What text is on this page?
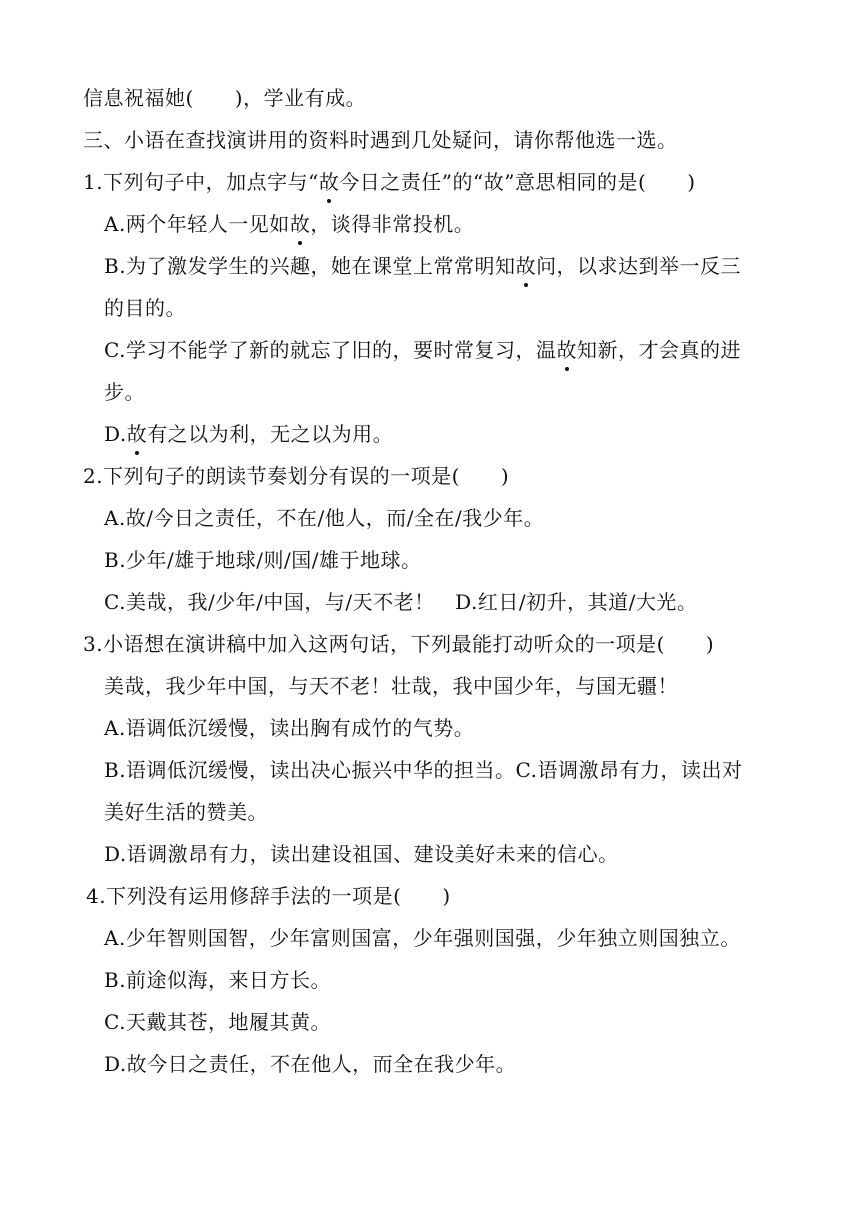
信息祝福她(　　)，学业有成。
三、小语在查找演讲用的资料时遇到几处疑问，请你帮他选一选。
1.下列句子中，加点字与“故今日之责任”的“故”意思相同的是(　　)
A.两个年轻人一见如故，谈得非常投机。
B.为了激发学生的兴趣，她在课堂上常常明知故问，以求达到举一反三
的目的。
C.学习不能学了新的就忘了旧的，要时常复习，温故知新，才会真的进
步。
D.故有之以为利，无之以为用。
2.下列句子的朗读节奏划分有误的一项是(　　)
A.故/今日之责任，不在/他人，而/全在/我少年。
B.少年/雄于地球/则/国/雄于地球。
C.美哉，我/少年/中国，与/天不老！　D.红日/初升，其道/大光。
3.小语想在演讲稿中加入这两句话，下列最能打动听众的一项是(　　)
美哉，我少年中国，与天不老！壮哉，我中国少年，与国无疆！
A.语调低沉缓慢，读出胸有成竹的气势。
B.语调低沉缓慢，读出决心振兴中华的担当。C.语调激昂有力，读出对
美好生活的赞美。
D.语调激昂有力，读出建设祖国、建设美好未来的信心。
4.下列没有运用修辞手法的一项是(　　)
A.少年智则国智，少年富则国富，少年强则国强，少年独立则国独立。
B.前途似海，来日方长。
C.天戴其苍，地履其黄。
D.故今日之责任，不在他人，而全在我少年。
